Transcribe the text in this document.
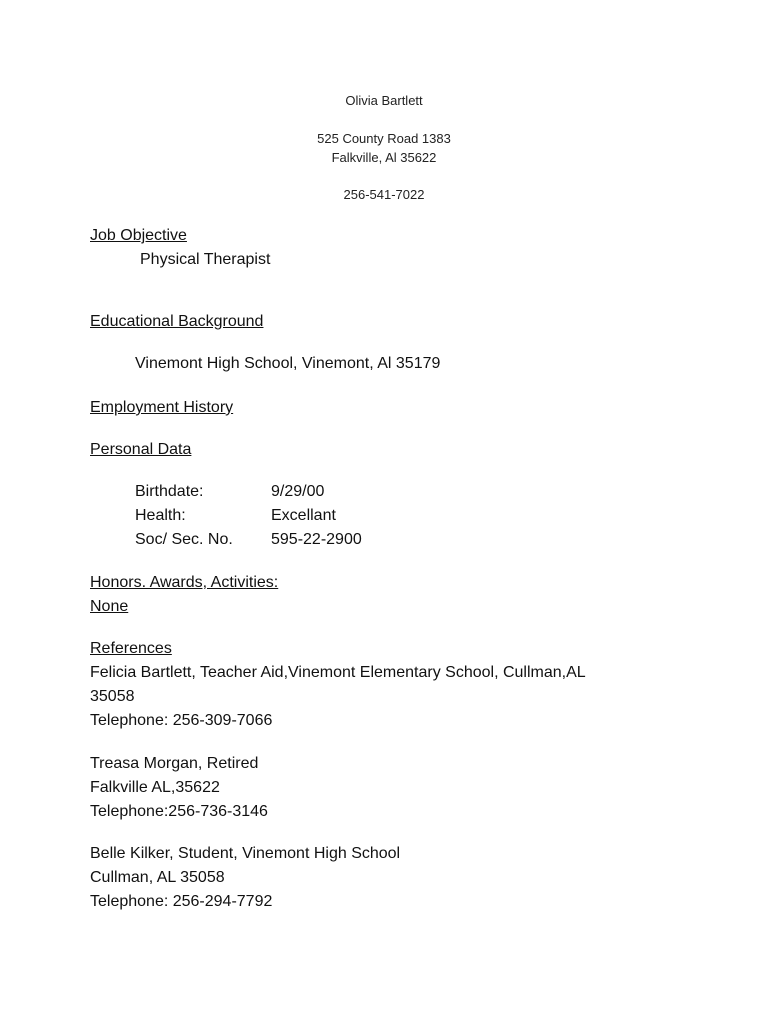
Olivia Bartlett
525 County Road 1383
Falkville, Al 35622
256-541-7022
Job Objective
Physical Therapist
Educational Background
Vinemont High School, Vinemont, Al 35179
Employment History
Personal Data
Birthdate:	9/29/00
Health:	Excellant
Soc/ Sec. No. 595-22-2900
Honors. Awards, Activities:
None
References
Felicia Bartlett, Teacher Aid,Vinemont Elementary School, Cullman,AL
35058
Telephone: 256-309-7066
Treasa Morgan, Retired
Falkville AL,35622
Telephone:256-736-3146
Belle Kilker, Student, Vinemont High School
Cullman, AL 35058
Telephone: 256-294-7792
